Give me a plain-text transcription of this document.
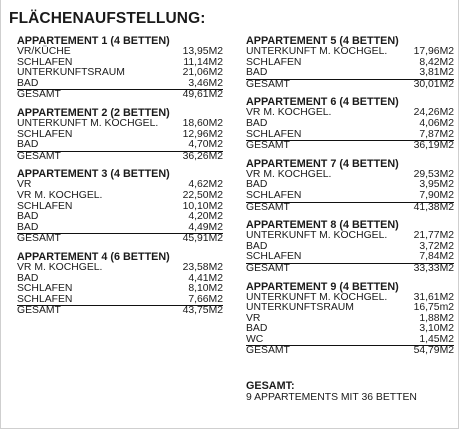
FLÄCHENAUFSTELLUNG:
APPARTEMENT 1 (4 BETTEN)
VR/KÜCHE	13,95M2
SCHLAFEN	11,14M2
UNTERKUNFTSRAUM	21,06M2
BAD	3,46M2
GESAMT	49,61M2
APPARTEMENT 2 (2 BETTEN)
UNTERKUNFT M. KOCHGEL. 18,60M2
SCHLAFEN	12,96M2
BAD	4,70M2
GESAMT	36,26M2
APPARTEMENT 3 (4 BETTEN)
VR	4,62M2
VR M. KOCHGEL.	22,50M2
SCHLAFEN	10,10M2
BAD	4,20M2
BAD	4,49M2
GESAMT	45,91M2
APPARTEMENT 4 (6 BETTEN)
VR M. KOCHGEL.	23,58M2
BAD	4,41M2
SCHLAFEN	8,10M2
SCHLAFEN	7,66M2
GESAMT	43,75M2
APPARTEMENT 5 (4 BETTEN)
UNTERKUNFT M. KOCHGEL.	17,96M2
SCHLAFEN	8,42M2
BAD	3,81M2
GESAMT	30,01M2
APPARTEMENT 6 (4 BETTEN)
VR M. KOCHGEL.	24,26M2
BAD	4,06M2
SCHLAFEN	7,87M2
GESAMT	36,19M2
APPARTEMENT 7 (4 BETTEN)
VR M. KOCHGEL.	29,53M2
BAD	3,95M2
SCHLAFEN	7,90M2
GESAMT	41,38M2
APPARTEMENT 8 (4 BETTEN)
UNTERKUNFT M. KOCHGEL.	21,77M2
BAD	3,72M2
SCHLAFEN	7,84M2
GESAMT	33,33M2
APPARTEMENT 9 (4 BETTEN)
UNTERKUNFT M. KOCHGEL.	31,61M2
UNTERKUNFTSRAUM	16,75m2
VR	1,88M2
BAD	3,10M2
WC	1,45M2
GESAMT	54,79M2
GESAMT:
9 APPARTEMENTS MIT 36 BETTEN
